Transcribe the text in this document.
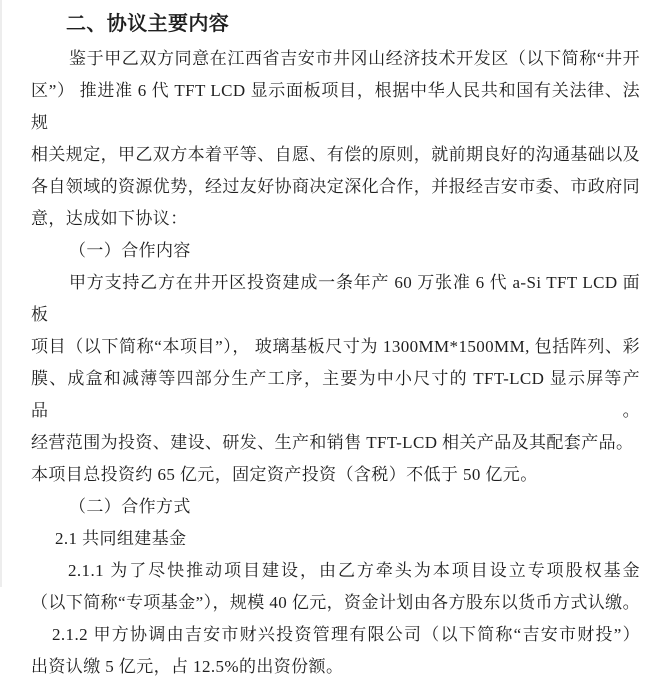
二、协议主要内容
鉴于甲乙双方同意在江西省吉安市井冈山经济技术开发区（以下简称“井开
区”） 推进准 6 代 TFT LCD 显示面板项目，根据中华人民共和国有关法律、法规
相关规定，甲乙双方本着平等、自愿、有偿的原则，就前期良好的沟通基础以及
各自领域的资源优势，经过友好协商决定深化合作，并报经吉安市委、市政府同
意，达成如下协议：
（一）合作内容
甲方支持乙方在井开区投资建成一条年产 60 万张准 6 代 a-Si TFT LCD 面板
项目（以下简称“本项目”）， 玻璃基板尺寸为 1300MM*1500MM, 包括阵列、彩
膜、成盒和减薄等四部分生产工序，主要为中小尺寸的 TFT-LCD 显示屏等产品。
经营范围为投资、建设、研发、生产和销售 TFT-LCD 相关产品及其配套产品。
本项目总投资约 65 亿元，固定资产投资（含税）不低于 50 亿元。
（二）合作方式
2.1 共同组建基金
2.1.1 为了尽快推动项目建设，由乙方牵头为本项目设立专项股权基金
（以下简称“专项基金”），规模 40 亿元，资金计划由各方股东以货币方式认缴。
2.1.2 甲方协调由吉安市财兴投资管理有限公司（以下简称“吉安市财投”）
出资认缴 5 亿元，占 12.5%的出资份额。
